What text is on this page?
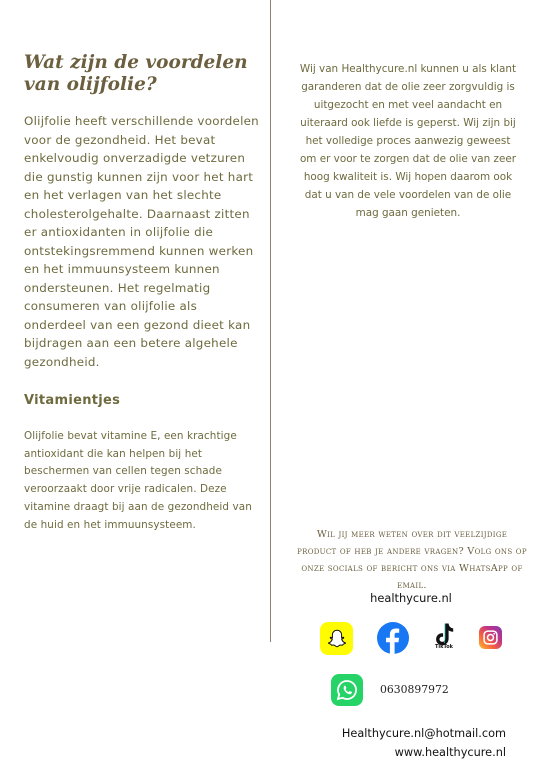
Wat zijn de voordelen
van olijfolie?

Olijfolie heeft verschillende voordelen voor de gezondheid. Het bevat enkelvoudig onverzadigde vetzuren die gunstig kunnen zijn voor het hart en het verlagen van het slechte cholesterolgehalte. Daarnaast zitten er antioxidanten in olijfolie die ontstekingsremmend kunnen werken en het immuunsysteem kunnen ondersteunen. Het regelmatig consumeren van olijfolie als onderdeel van een gezond dieet kan bijdragen aan een betere algehele gezondheid.

Vitamientjes

Olijfolie bevat vitamine E, een krachtige antioxidant die kan helpen bij het beschermen van cellen tegen schade veroorzaakt door vrije radicalen. Deze vitamine draagt bij aan de gezondheid van de huid en het immuunsysteem.

Wij van Healthycure.nl kunnen u als klant garanderen dat de olie zeer zorgvuldig is uitgezocht en met veel aandacht en uiteraard ook liefde is geperst. Wij zijn bij het volledige proces aanwezig geweest om er voor te zorgen dat de olie van zeer hoog kwaliteit is. Wij hopen daarom ook dat u van de vele voordelen van de olie mag gaan genieten.

Wil jij meer weten over dit veelzijdige product of heb je andere vragen? Volg ons op onze socials of bericht ons via WhatsApp of email.

healthycure.nl
TikTok
0630897972
Healthycure.nl@hotmail.com
www.healthycure.nl
